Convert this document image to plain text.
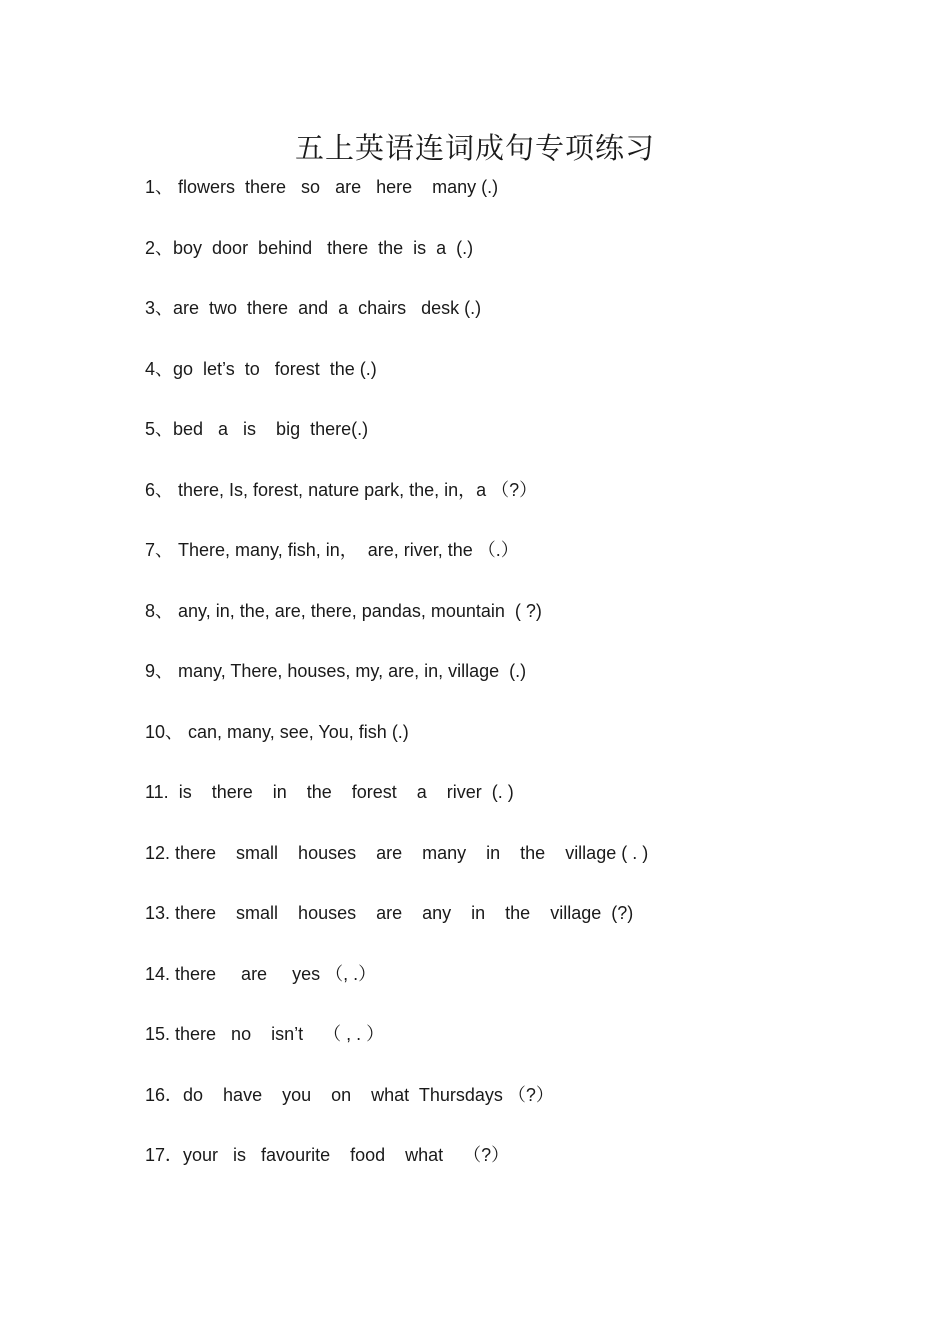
五上英语连词成句专项练习
1、 flowers  there   so   are   here    many (.)
2、boy  door  behind   there  the  is  a  (.)
3、are  two  there  and  a  chairs   desk (.)
4、go  let’s  to   forest  the (.)
5、bed   a   is    big  there(.)
6、 there, Is, forest, nature park, the, in，a （?）
7、 There, many, fish, in，  are, river, the （.）
8、 any, in, the, are, there, pandas, mountain  ( ?)
9、 many, There, houses, my, are, in, village  (.)
10、 can, many, see, You, fish (.)
11.  is    there    in    the    forest    a    river  (. )
12. there    small    houses    are    many    in    the    village ( . )
13. there    small    houses    are    any    in    the    village  (?)
14. there     are     yes （, .）
15. there   no    isn’t    （ , . ）
16．do    have    you    on    what  Thursdays （?）
17．your   is   favourite    food    what    （?）
